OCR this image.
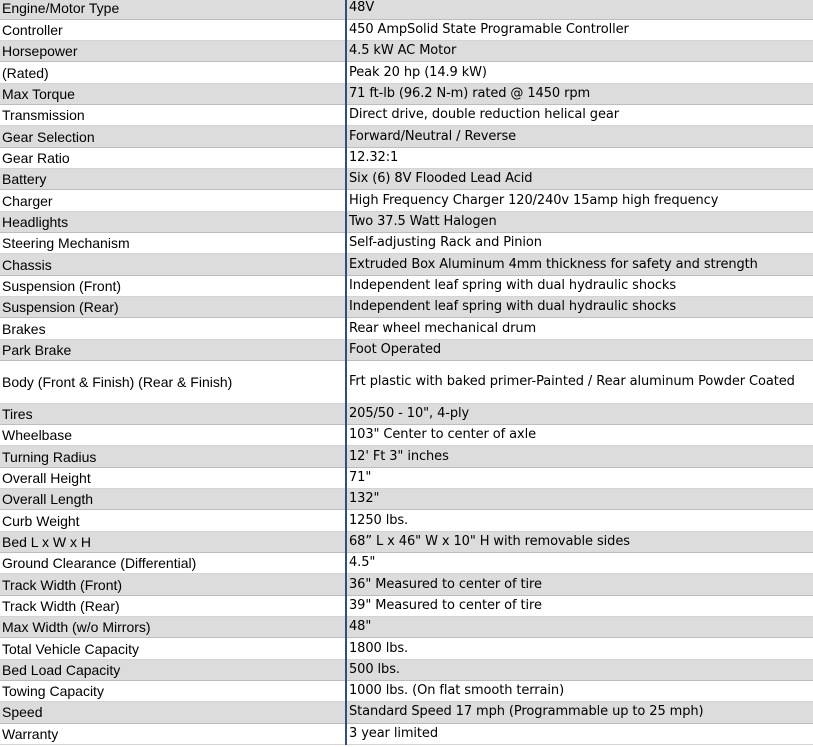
Engine/Motor Type	48V
Controller	450 AmpSolid State Programable Controller
Horsepower	4.5 kW AC Motor
(Rated)	Peak 20 hp (14.9 kW)
Max Torque	71 ft-lb (96.2 N-m) rated @ 1450 rpm
Transmission	Direct drive, double reduction helical gear
Gear Selection	Forward/Neutral / Reverse
Gear Ratio	12.32:1
Battery	Six (6) 8V Flooded Lead Acid
Charger	High Frequency Charger 120/240v 15amp high frequency
Headlights	Two 37.5 Watt Halogen
Steering Mechanism	Self-adjusting Rack and Pinion
Chassis	Extruded Box Aluminum 4mm thickness for safety and strength
Suspension (Front)	Independent leaf spring with dual hydraulic shocks
Suspension (Rear)	Independent leaf spring with dual hydraulic shocks
Brakes	Rear wheel mechanical drum
Park Brake	Foot Operated
Body (Front & Finish) (Rear & Finish)	Frt plastic with baked primer-Painted / Rear aluminum Powder Coated
Tires	205/50 - 10", 4-ply
Wheelbase	103" Center to center of axle
Turning Radius	12' Ft 3" inches
Overall Height	71"
Overall Length	132"
Curb Weight	1250 lbs.
Bed L x W x H	68” L x 46" W x 10" H with removable sides
Ground Clearance (Differential)	4.5"
Track Width (Front)	36" Measured to center of tire
Track Width (Rear)	39" Measured to center of tire
Max Width (w/o Mirrors)	48"
Total Vehicle Capacity	1800 lbs.
Bed Load Capacity	500 lbs.
Towing Capacity	1000 lbs. (On flat smooth terrain)
Speed	Standard Speed 17 mph (Programmable up to 25 mph)
Warranty	3 year limited
